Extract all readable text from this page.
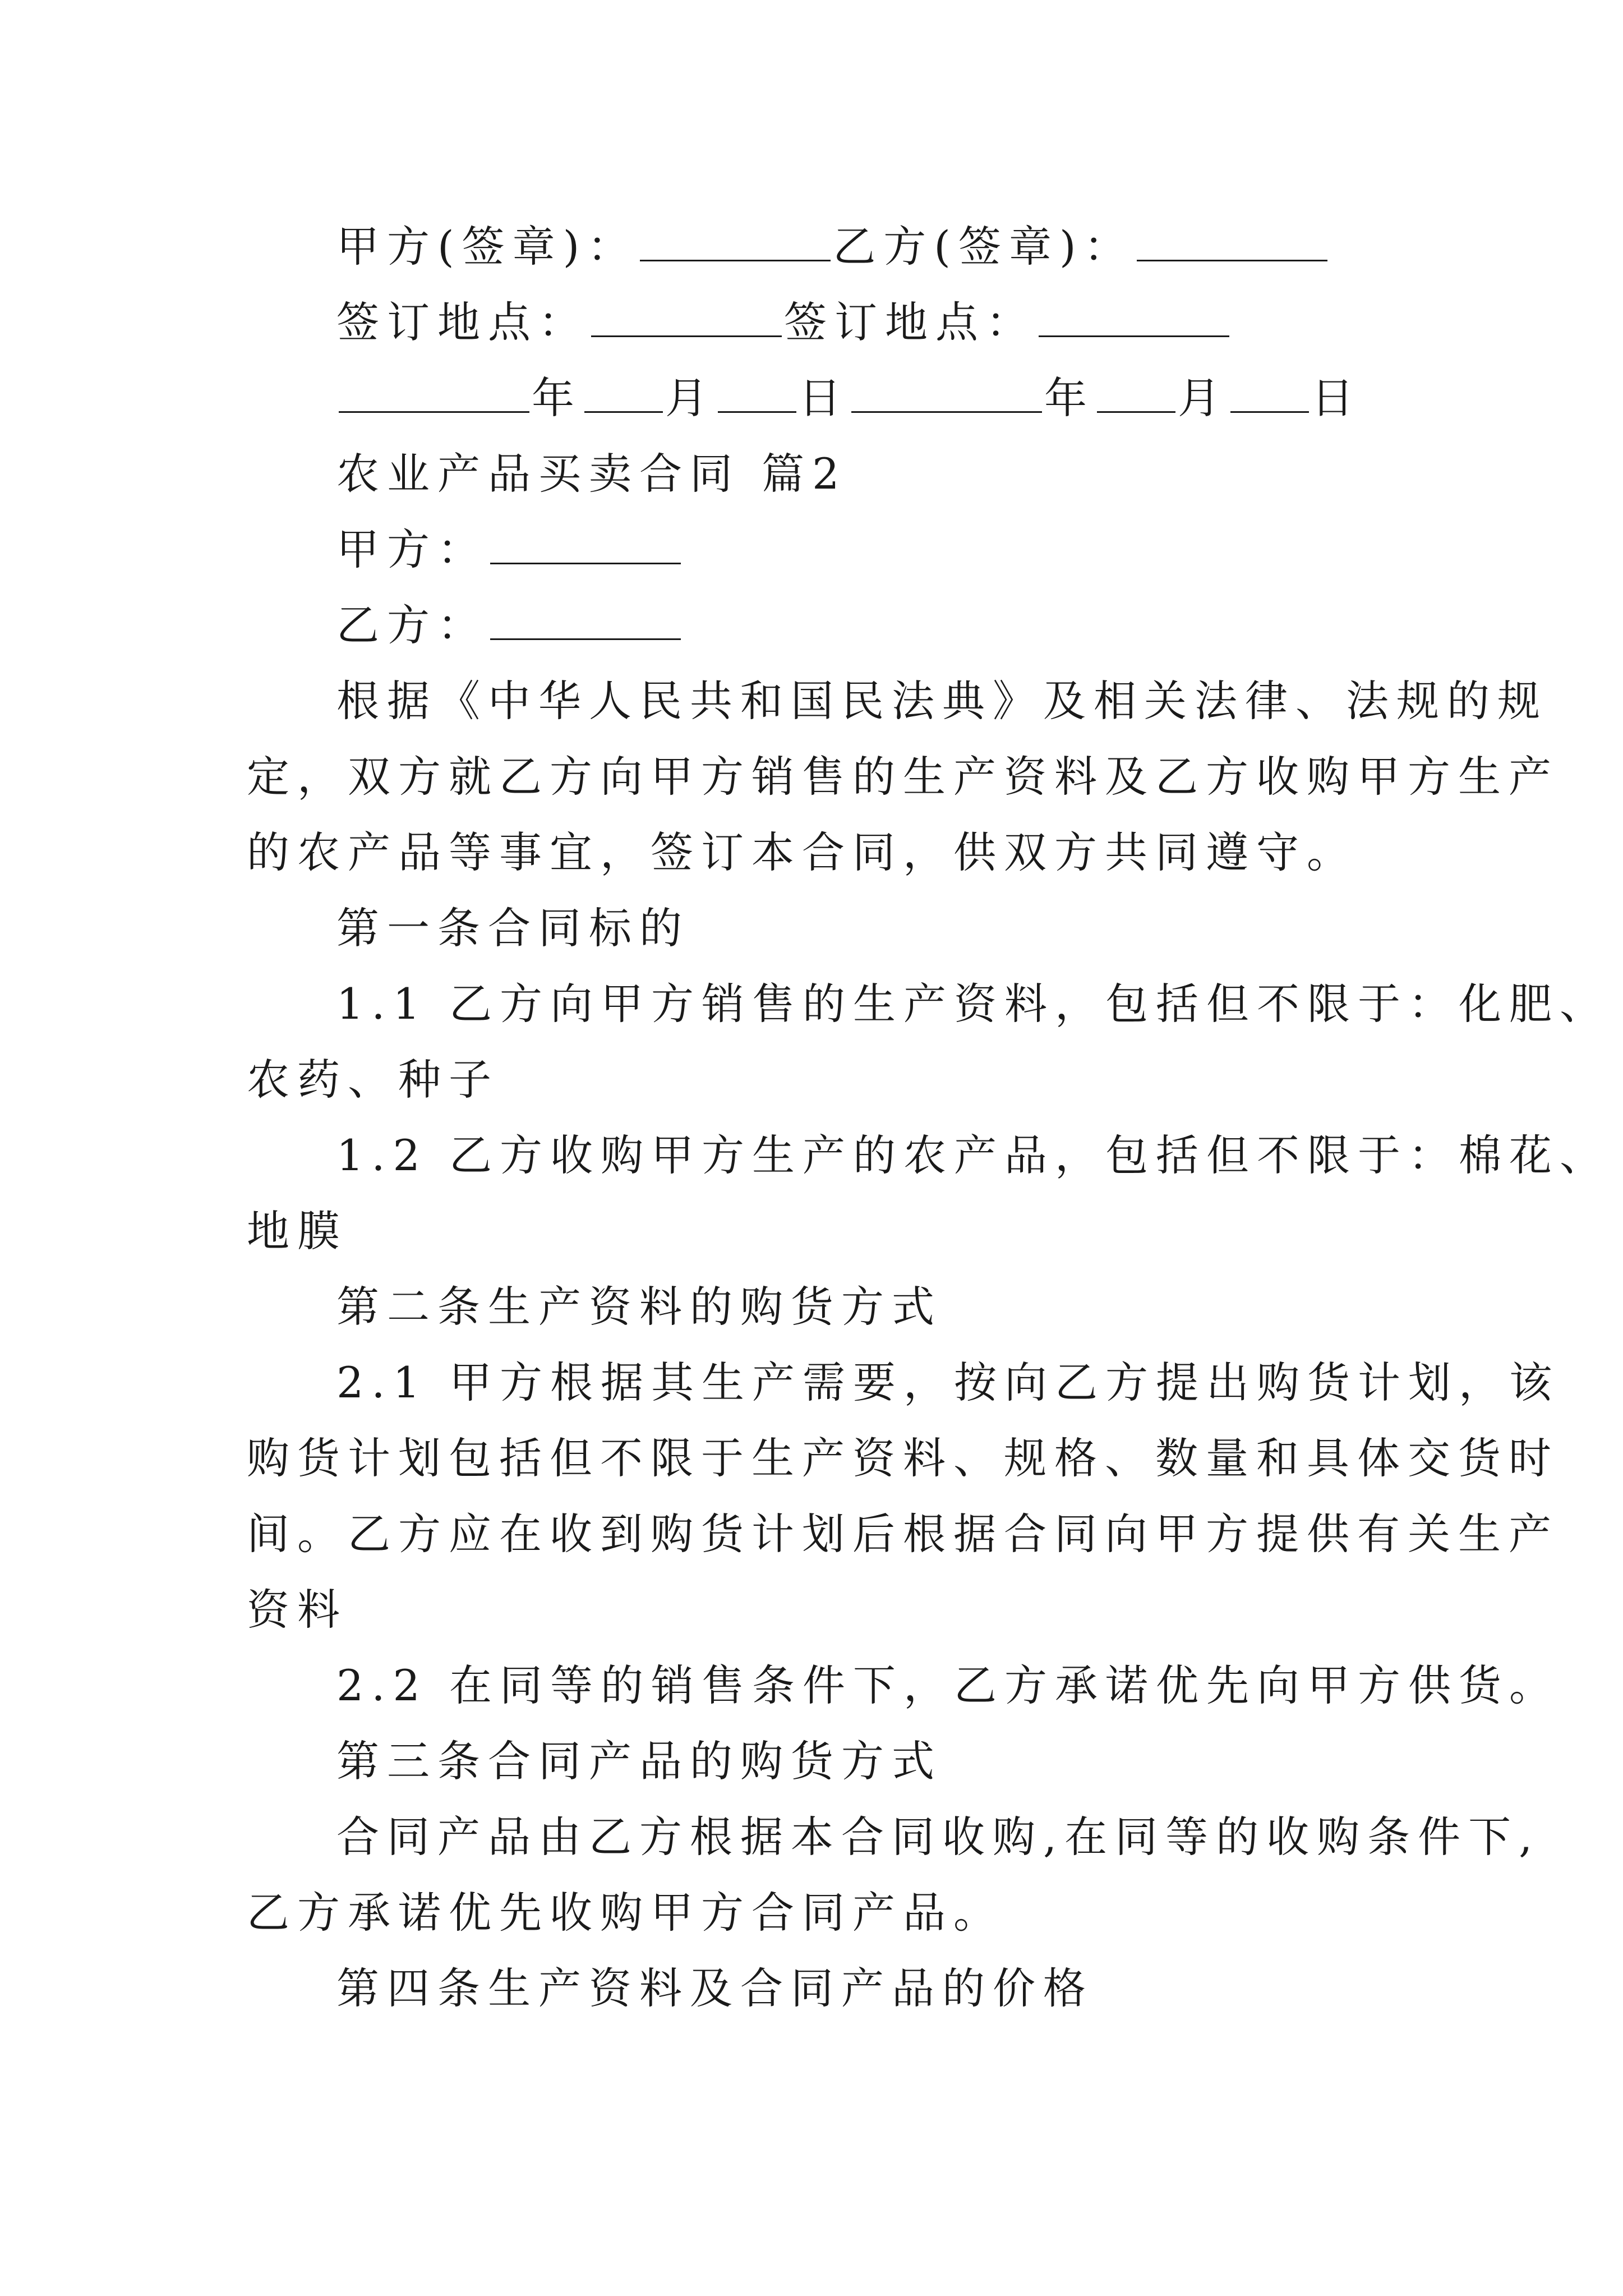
甲方(签章)：	乙方(签章)：
签订地点：	签订地点：
年 月 日	年 月 日
农业产品买卖合同 篇2
甲方：
乙方：
根据《中华人民共和国民法典》及相关法律、法规的规
定，双方就乙方向甲方销售的生产资料及乙方收购甲方生产
的农产品等事宜，签订本合同，供双方共同遵守。
第一条合同标的
1.1 乙方向甲方销售的生产资料，包括但不限于：化肥、
农药、种子
1.2 乙方收购甲方生产的农产品，包括但不限于：棉花、
地膜
第二条生产资料的购货方式
2.1 甲方根据其生产需要，按向乙方提出购货计划，该
购货计划包括但不限于生产资料、规格、数量和具体交货时
间。乙方应在收到购货计划后根据合同向甲方提供有关生产
资料
2.2 在同等的销售条件下，乙方承诺优先向甲方供货。
第三条合同产品的购货方式
合同产品由乙方根据本合同收购,在同等的收购条件下,
乙方承诺优先收购甲方合同产品。
第四条生产资料及合同产品的价格
